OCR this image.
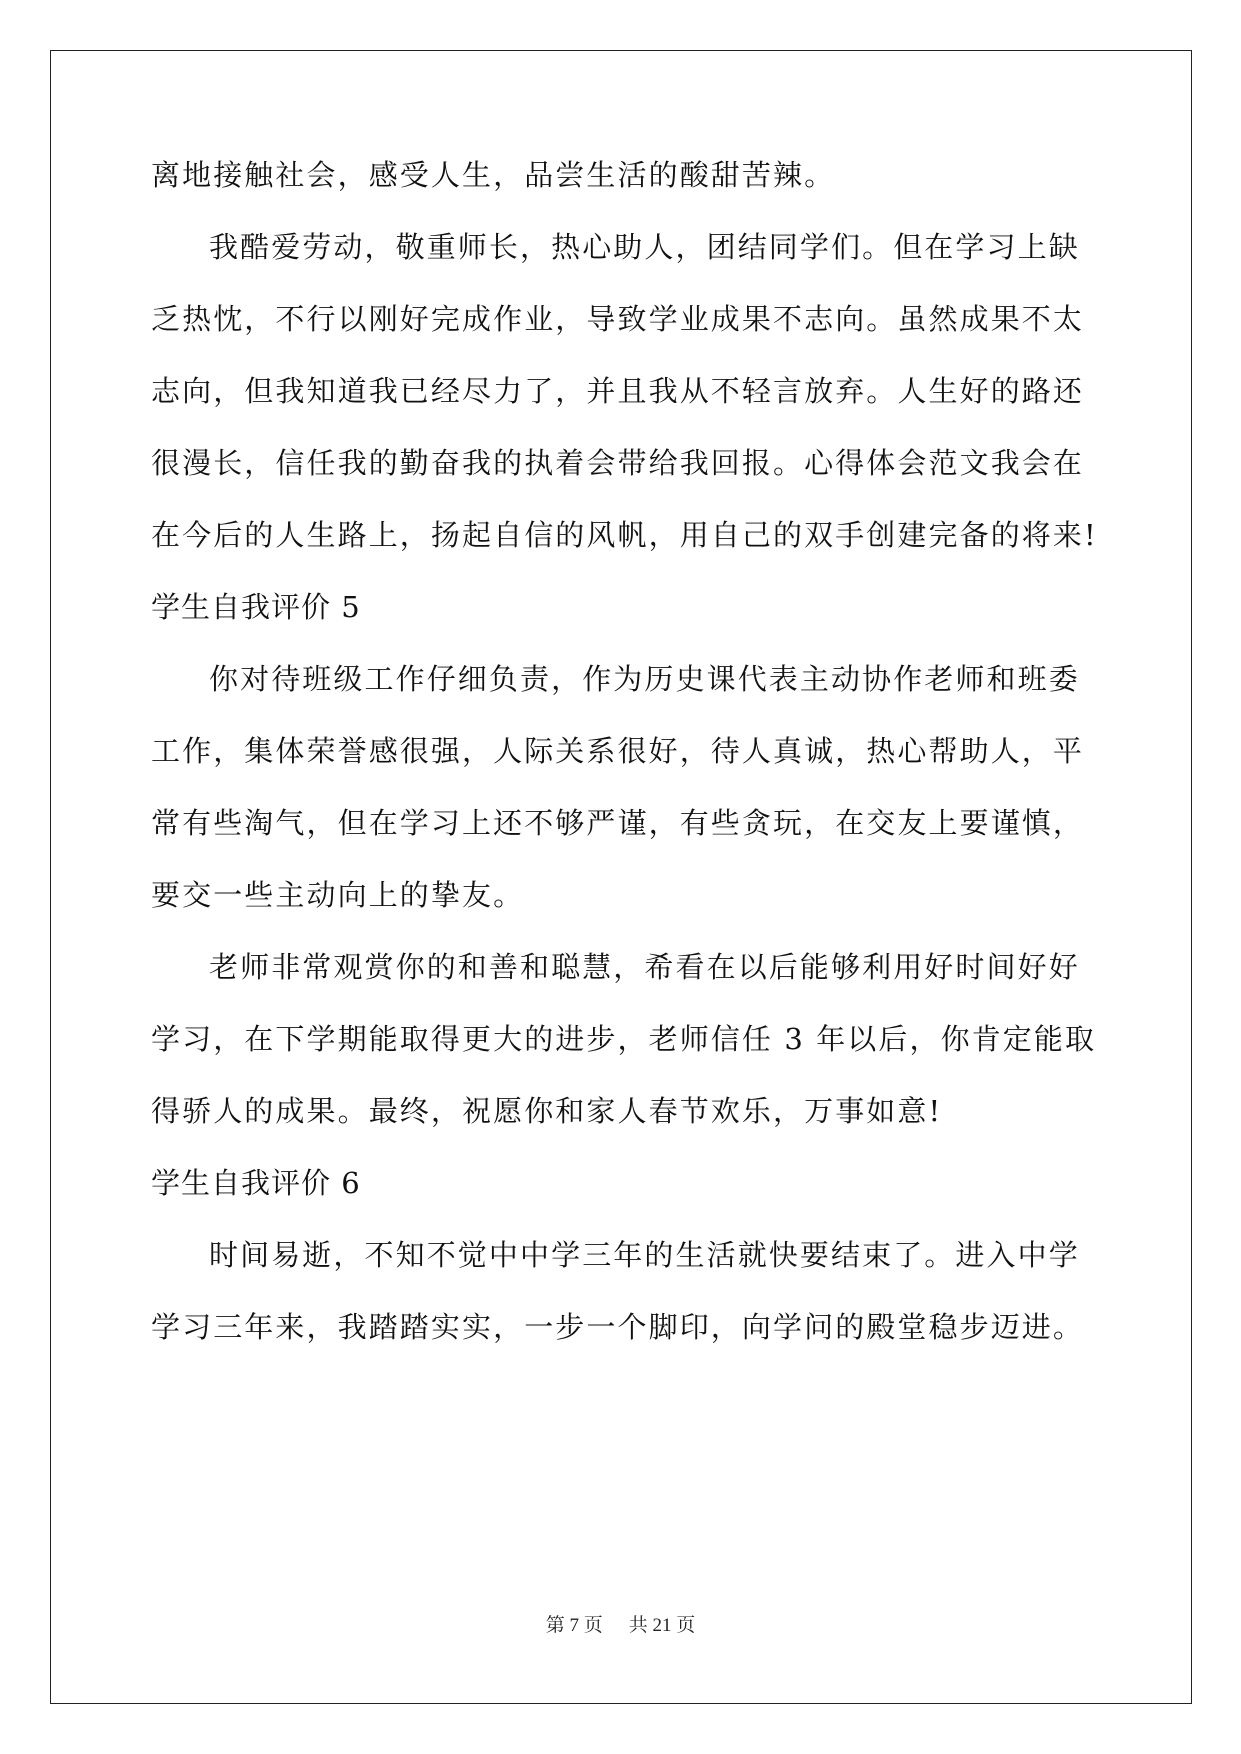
离地接触社会，感受人生，品尝生活的酸甜苦辣。
我酷爱劳动，敬重师长，热心助人，团结同学们。但在学习上缺
乏热忱，不行以刚好完成作业，导致学业成果不志向。虽然成果不太
志向，但我知道我已经尽力了，并且我从不轻言放弃。人生好的路还
很漫长，信任我的勤奋我的执着会带给我回报。心得体会范文我会在
在今后的人生路上，扬起自信的风帆，用自己的双手创建完备的将来!
学生自我评价 5
你对待班级工作仔细负责，作为历史课代表主动协作老师和班委
工作，集体荣誉感很强，人际关系很好，待人真诚，热心帮助人，平
常有些淘气，但在学习上还不够严谨，有些贪玩，在交友上要谨慎，
要交一些主动向上的挚友。
老师非常观赏你的和善和聪慧，希看在以后能够利用好时间好好
学习，在下学期能取得更大的进步，老师信任 3 年以后，你肯定能取
得骄人的成果。最终，祝愿你和家人春节欢乐，万事如意!
学生自我评价 6
时间易逝，不知不觉中中学三年的生活就快要结束了。进入中学
学习三年来，我踏踏实实，一步一个脚印，向学问的殿堂稳步迈进。
第 7 页 共 21 页
